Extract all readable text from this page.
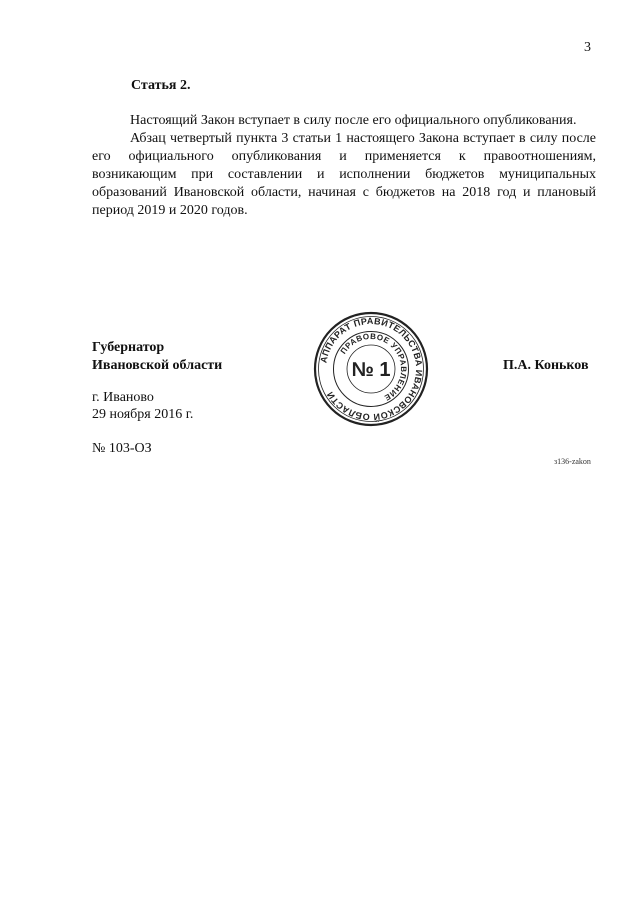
3
Статья 2.

Настоящий Закон вступает в силу после его официального опубликования.

Абзац четвертый пункта 3 статьи 1 настоящего Закона вступает в силу после его официального опубликования и применяется к правоотношениям, возникающим при составлении и исполнении бюджетов муниципальных образований Ивановской области, начиная с бюджетов на 2018 год и плановый период 2019 и 2020 годов.

Губернатор
Ивановской области	П.А. Коньков
АППАРАТ ПРАВИТЕЛЬСТВА ИВАНОВСКОЙ ОБЛАСТИ
ПРАВОВОЕ УПРАВЛЕНИЕ
№ 1
г. Иваново
29 ноября 2016 г.
№ 103-ОЗ
з136-zakon
